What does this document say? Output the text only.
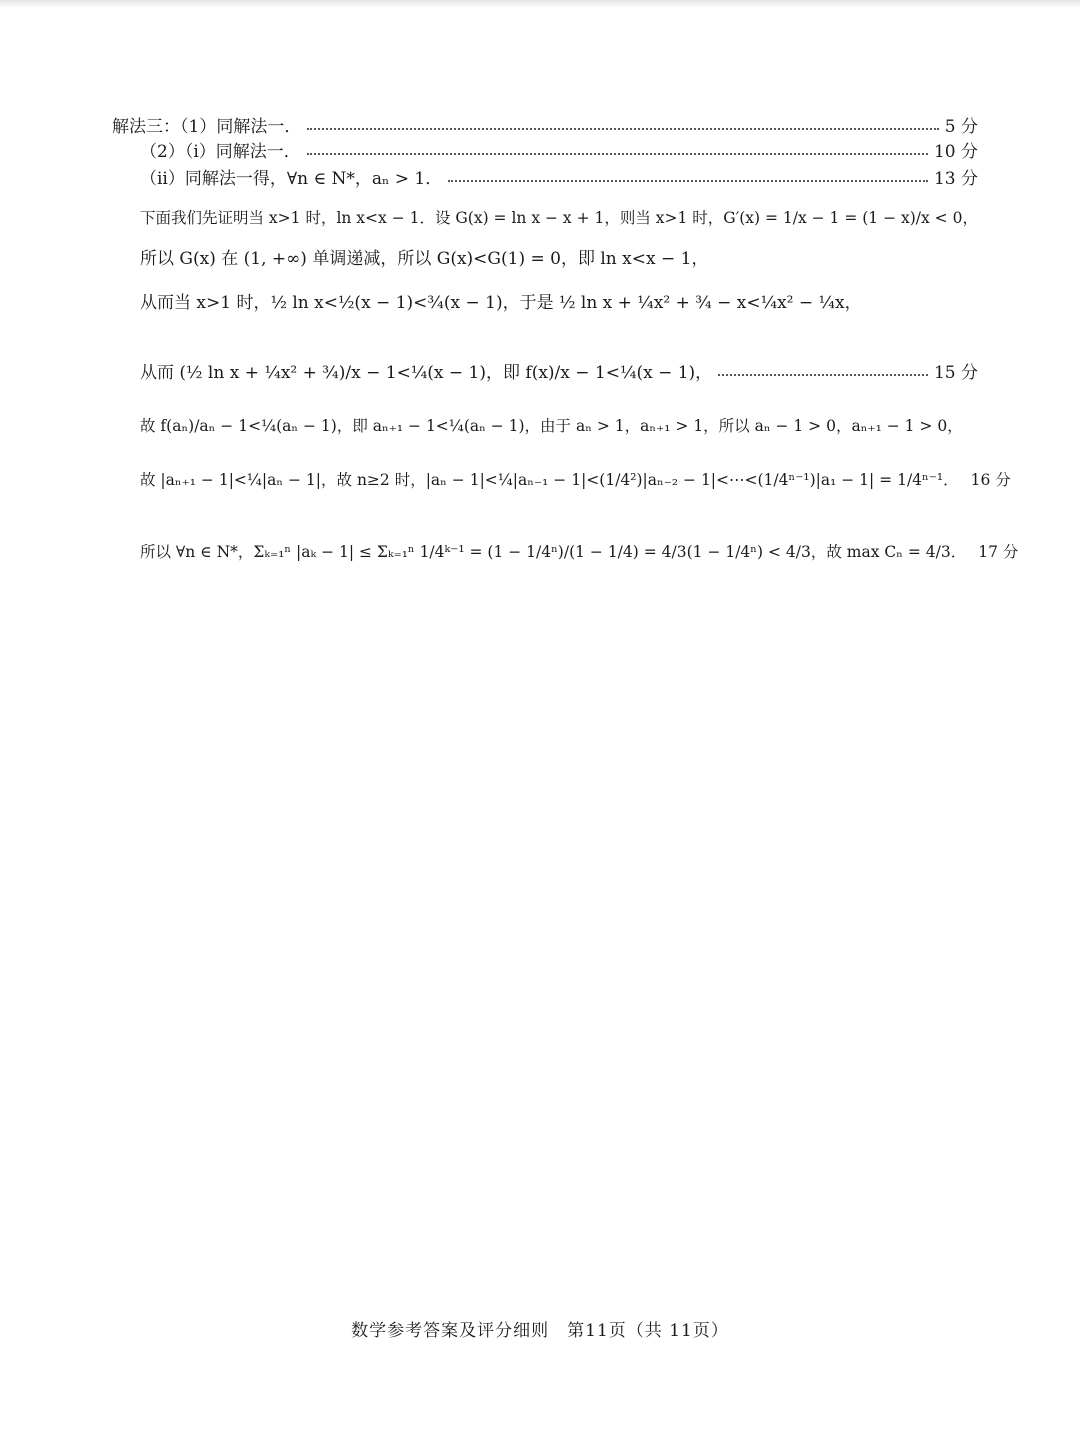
解法三：（1）同解法一．	5 分
（2）（i）同解法一．	10 分
（ii）同解法一得，∀n ∈ N*，aₙ > 1．	13 分
下面我们先证明当 x>1 时，ln x<x − 1．设 G(x) = ln x − x + 1，则当 x>1 时，G′(x) = 1/x − 1 = (1 − x)/x < 0，
所以 G(x) 在 (1, +∞) 单调递减，所以 G(x)<G(1) = 0，即 ln x<x − 1，
从而当 x>1 时，½ ln x<½(x − 1)<¾(x − 1)，于是 ½ ln x + ¼x² + ¾ − x<¼x² − ¼x，
从而 (½ ln x + ¼x² + ¾)/x − 1<¼(x − 1)，即 f(x)/x − 1<¼(x − 1)，	15 分
故 f(aₙ)/aₙ − 1<¼(aₙ − 1)，即 aₙ₊₁ − 1<¼(aₙ − 1)，由于 aₙ > 1，aₙ₊₁ > 1，所以 aₙ − 1 > 0，aₙ₊₁ − 1 > 0，
故 |aₙ₊₁ − 1|<¼|aₙ − 1|，故 n≥2 时，|aₙ − 1|<¼|aₙ₋₁ − 1|<(1/4²)|aₙ₋₂ − 1|<⋯<(1/4ⁿ⁻¹)|a₁ − 1| = 1/4ⁿ⁻¹． 16 分
所以 ∀n ∈ N*，Σₖ₌₁ⁿ |aₖ − 1| ≤ Σₖ₌₁ⁿ 1/4ᵏ⁻¹ = (1 − 1/4ⁿ)/(1 − 1/4) = 4/3(1 − 1/4ⁿ) < 4/3，故 max Cₙ = 4/3． 17 分
数学参考答案及评分细则　第11页（共 11页）
